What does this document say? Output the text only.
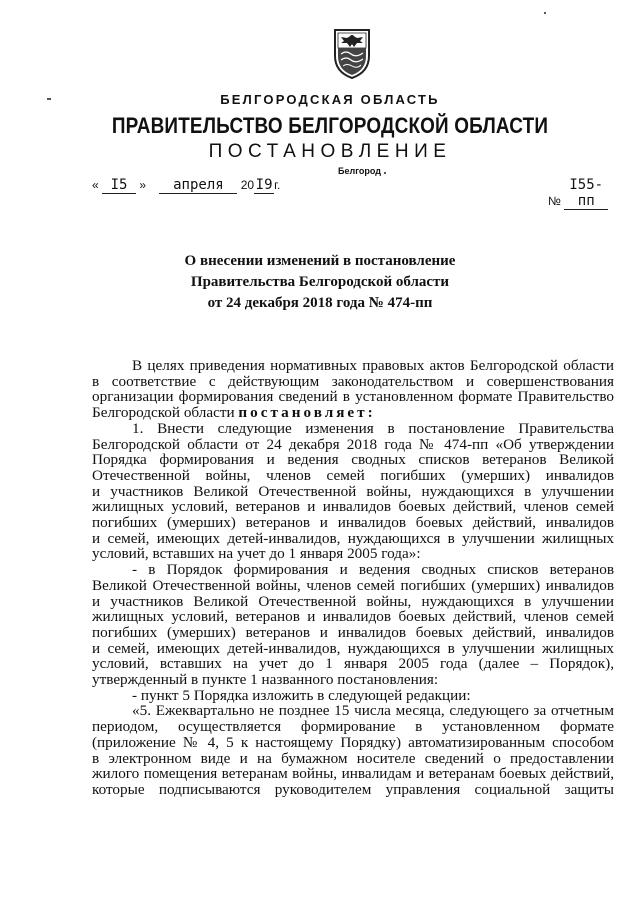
БЕЛГОРОДСКАЯ ОБЛАСТЬ
ПРАВИТЕЛЬСТВО БЕЛГОРОДСКОЙ ОБЛАСТИ
ПОСТАНОВЛЕНИЕ
Белгород
« I5 » апреля 20 I9 г.
№ I55-пп
О внесении изменений в постановление
Правительства Белгородской области
от 24 декабря 2018 года № 474-пп

В целях приведения нормативных правовых актов Белгородской области

в соответствие с действующим законодательством и совершенствования

организации формирования сведений в установленном формате Правительство

Белгородской области постановляет:

1. Внести следующие изменения в постановление Правительства

Белгородской области от 24 декабря 2018 года № 474-пп «Об утверждении

Порядка формирования и ведения сводных списков ветеранов Великой

Отечественной войны, членов семей погибших (умерших) инвалидов

и участников Великой Отечественной войны, нуждающихся в улучшении

жилищных условий, ветеранов и инвалидов боевых действий, членов семей

погибших (умерших) ветеранов и инвалидов боевых действий, инвалидов

и семей, имеющих детей-инвалидов, нуждающихся в улучшении жилищных

условий, вставших на учет до 1 января 2005 года»:

- в Порядок формирования и ведения сводных списков ветеранов

Великой Отечественной войны, членов семей погибших (умерших) инвалидов

и участников Великой Отечественной войны, нуждающихся в улучшении

жилищных условий, ветеранов и инвалидов боевых действий, членов семей

погибших (умерших) ветеранов и инвалидов боевых действий, инвалидов

и семей, имеющих детей-инвалидов, нуждающихся в улучшении жилищных

условий, вставших на учет до 1 января 2005 года (далее – Порядок),

утвержденный в пункте 1 названного постановления:

- пункт 5 Порядка изложить в следующей редакции:

«5. Ежеквартально не позднее 15 числа месяца, следующего за отчетным

периодом, осуществляется формирование в установленном формате

(приложение № 4, 5 к настоящему Порядку) автоматизированным способом

в электронном виде и на бумажном носителе сведений о предоставлении

жилого помещения ветеранам войны, инвалидам и ветеранам боевых действий,

которые подписываются руководителем управления социальной защиты
